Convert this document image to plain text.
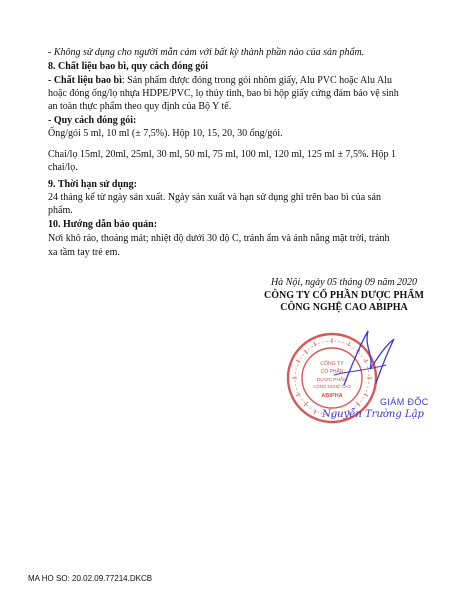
- Không sử dụng cho người mẫn cảm với bất kỳ thành phần nào của sản phẩm.
8. Chất liệu bao bì, quy cách đóng gói
- Chất liệu bao bì: Sản phẩm được đóng trong gói nhôm giấy, Alu PVC hoặc Alu Alu
hoặc đóng ống/lọ nhựa HDPE/PVC, lọ thủy tinh, bao bì hộp giấy cứng đảm bảo vệ sinh
an toàn thực phẩm theo quy định của Bộ Y tế.
- Quy cách đóng gói:
Ống/gói 5 ml, 10 ml (± 7,5%). Hộp 10, 15, 20, 30 ống/gói.
Chai/lọ 15ml, 20ml, 25ml, 30 ml, 50 ml, 75 ml, 100 ml, 120 ml, 125 ml ± 7,5%. Hộp 1
chai/lọ.
9. Thời hạn sử dụng:
24 tháng kể từ ngày sản xuất. Ngày sản xuất và hạn sử dụng ghi trên bao bì của sản
phẩm.
10. Hướng dẫn bảo quản:
Nơi khô ráo, thoáng mát; nhiệt độ dưới 30 độ C, tránh ẩm và ánh nắng mặt trời, tránh
xa tầm tay trẻ em.
Hà Nội, ngày 05 tháng 09 năm 2020
CÔNG TY CỔ PHẦN DƯỢC PHẨM
CÔNG NGHỆ CAO ABIPHA
CÔNG TY
CỔ PHẦN
DƯỢC PHẨM
CÔNG NGHỆ CAO
ABIPHA
GIÁM ĐỐC
Nguyễn Trường Lập
MA HO SO: 20.02.09.77214.DKCB
